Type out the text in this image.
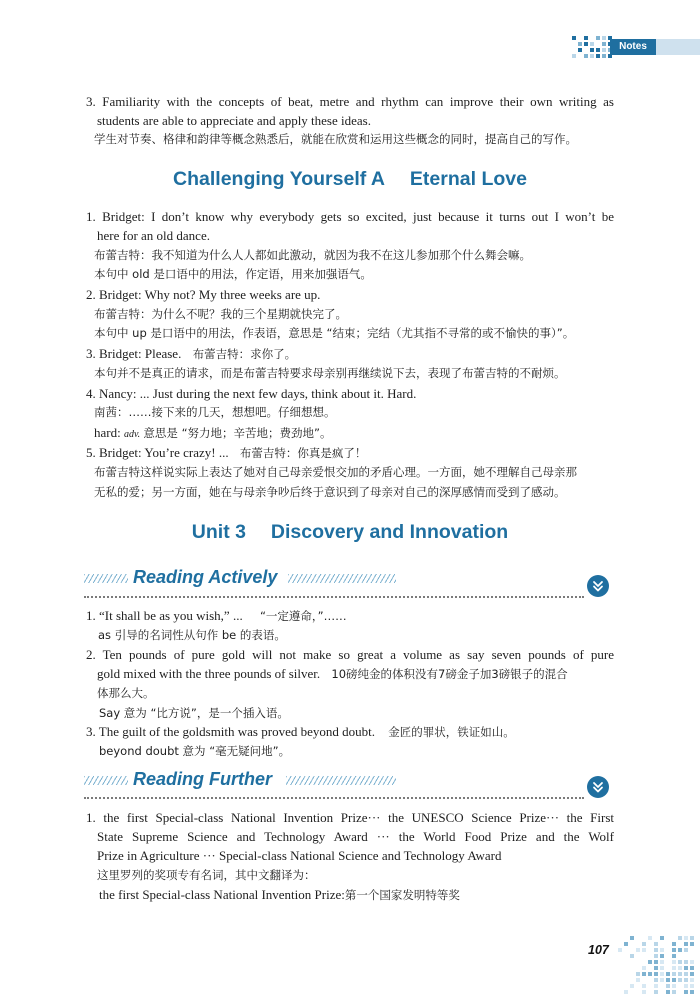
Notes
3. Familiarity with the concepts of beat, metre and rhythm can improve their own writing as
students are able to appreciate and apply these ideas.
学生对节奏、格律和韵律等概念熟悉后，就能在欣赏和运用这些概念的同时，提高自己的写作。
Challenging Yourself A  Eternal Love
1. Bridget: I don’t know why everybody gets so excited, just because it turns out I won’t be
here for an old dance.
布蕾吉特：我不知道为什么人人都如此激动，就因为我不在这儿参加那个什么舞会嘛。
本句中 old 是口语中的用法，作定语，用来加强语气。
2. Bridget: Why not? My three weeks are up.
布蕾吉特：为什么不呢？我的三个星期就快完了。
本句中 up 是口语中的用法，作表语，意思是 “结束；完结（尤其指不寻常的或不愉快的事）”。
3. Bridget: Please. 布蕾吉特：求你了。
本句并不是真正的请求，而是布蕾吉特要求母亲别再继续说下去，表现了布蕾吉特的不耐烦。
4. Nancy: ... Just during the next few days, think about it. Hard.
南茜：……接下来的几天，想想吧。仔细想想。
hard: adv. 意思是 “努力地；辛苦地；费劲地”。
5. Bridget: You’re crazy! ... 布蕾吉特：你真是疯了！
布蕾吉特这样说实际上表达了她对自己母亲爱恨交加的矛盾心理。一方面，她不理解自己母亲那
无私的爱；另一方面，她在与母亲争吵后终于意识到了母亲对自己的深厚感情而受到了感动。
Unit 3  Discovery and Innovation
Reading Actively
1. “It shall be as you wish,” ... “一定遵命，”……
as 引导的名词性从句作 be 的表语。
2. Ten pounds of pure gold will not make so great a volume as say seven pounds of pure
gold mixed with the three pounds of silver. 10磅纯金的体积没有7磅金子加3磅银子的混合
体那么大。
Say 意为 “比方说”，是一个插入语。
3. The guilt of the goldsmith was proved beyond doubt. 金匠的罪状，铁证如山。
beyond doubt 意为 “毫无疑问地”。
Reading Further
1. the first Special-class National Invention Prize··· the UNESCO Science Prize··· the First
State Supreme Science and Technology Award ··· the World Food Prize and the Wolf
Prize in Agriculture ··· Special-class National Science and Technology Award
这里罗列的奖项专有名词，其中文翻译为：
the first Special-class National Invention Prize:第一个国家发明特等奖
107
